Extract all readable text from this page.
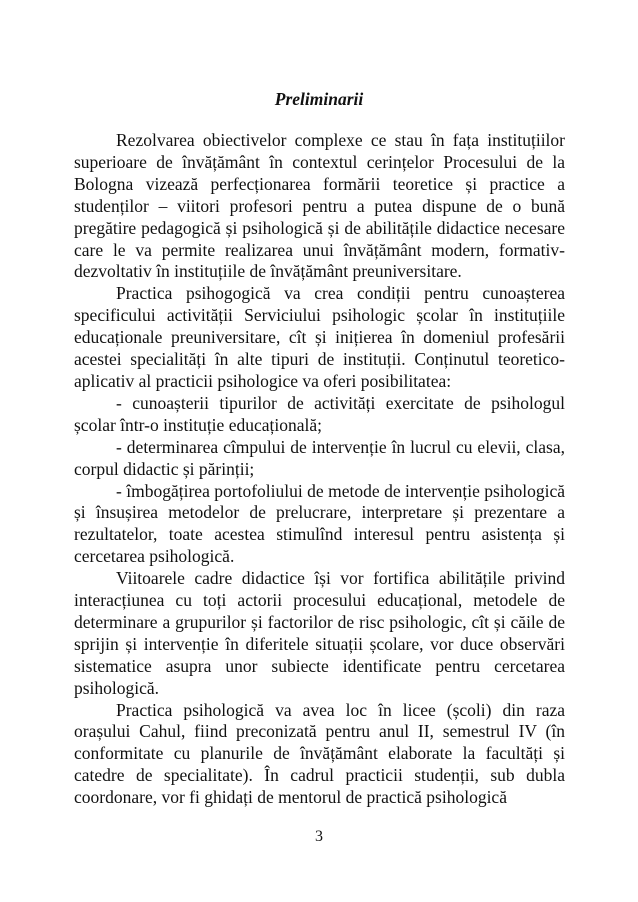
Preliminarii

Rezolvarea obiectivelor complexe ce stau în fața instituțiilor superioare de învățământ în contextul cerințelor Procesului de la Bologna vizează perfecționarea formării teoretice și practice a studenților – viitori profesori pentru a putea dispune de o bună pregătire pedagogică și psihologică și de abilitățile didactice necesare care le va permite realizarea unui învățământ modern, formativ-dezvoltativ în instituțiile de învățământ preuniversitare.

Practica psihogogică va crea condiții pentru cunoașterea specificului activității Serviciului psihologic școlar în instituțiile educaționale preuniversitare, cît și inițierea în domeniul profesării acestei specialități în alte tipuri de instituții. Conținutul teoretico-aplicativ al practicii psihologice va oferi posibilitatea:

- cunoașterii tipurilor de activități exercitate de psihologul școlar într-o instituție educațională;

- determinarea cîmpului de intervenție în lucrul cu elevii, clasa, corpul didactic și părinții;

- îmbogățirea portofoliului de metode de intervenție psihologică și însușirea metodelor de prelucrare, interpretare și prezentare a rezultatelor, toate acestea stimulînd interesul pentru asistența și cercetarea psihologică.

Viitoarele cadre didactice își vor fortifica abilitățile privind interacțiunea cu toți actorii procesului educațional, metodele de determinare a grupurilor și factorilor de risc psihologic, cît și căile de sprijin și intervenție în diferitele situații școlare, vor duce observări sistematice asupra unor subiecte identificate pentru cercetarea psihologică.

Practica psihologică va avea loc în licee (școli) din raza orașului Cahul, fiind preconizată pentru anul II, semestrul IV (în conformitate cu planurile de învățământ elaborate la facultăți și catedre de specialitate). În cadrul practicii studenții, sub dubla coordonare, vor fi ghidați de mentorul de practică psihologică

3
